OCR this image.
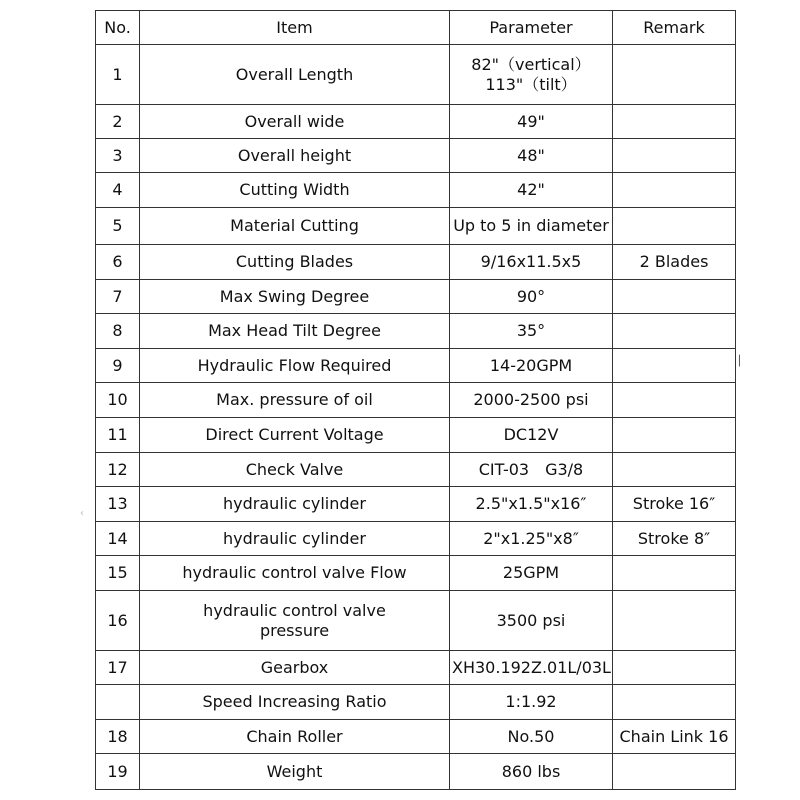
No.	Item	Parameter	Remark
1	Overall Length	82"（vertical）
113"（tilt）	
2	Overall wide	49"	
3	Overall height	48"	
4	Cutting Width	42"	
5	Material Cutting	Up to 5 in diameter	
6	Cutting Blades	9/16x11.5x5	2 Blades
7	Max Swing Degree	90°	
8	Max Head Tilt Degree	35°	
9	Hydraulic Flow Required	14-20GPM	
10	Max. pressure of oil	2000-2500 psi	
11	Direct Current Voltage	DC12V	
12	Check Valve	CIT-03　G3/8	
13	hydraulic cylinder	2.5"x1.5"x16″	Stroke 16″
14	hydraulic cylinder	2"x1.25"x8″	Stroke 8″
15	hydraulic control valve Flow	25GPM	
16	hydraulic control valve
pressure	3500 psi	
17	Gearbox	XH30.192Z.01L/03L	
	Speed Increasing Ratio	1:1.92	
18	Chain Roller	No.50	Chain Link 16
19	Weight	860 lbs	
▏
‹
